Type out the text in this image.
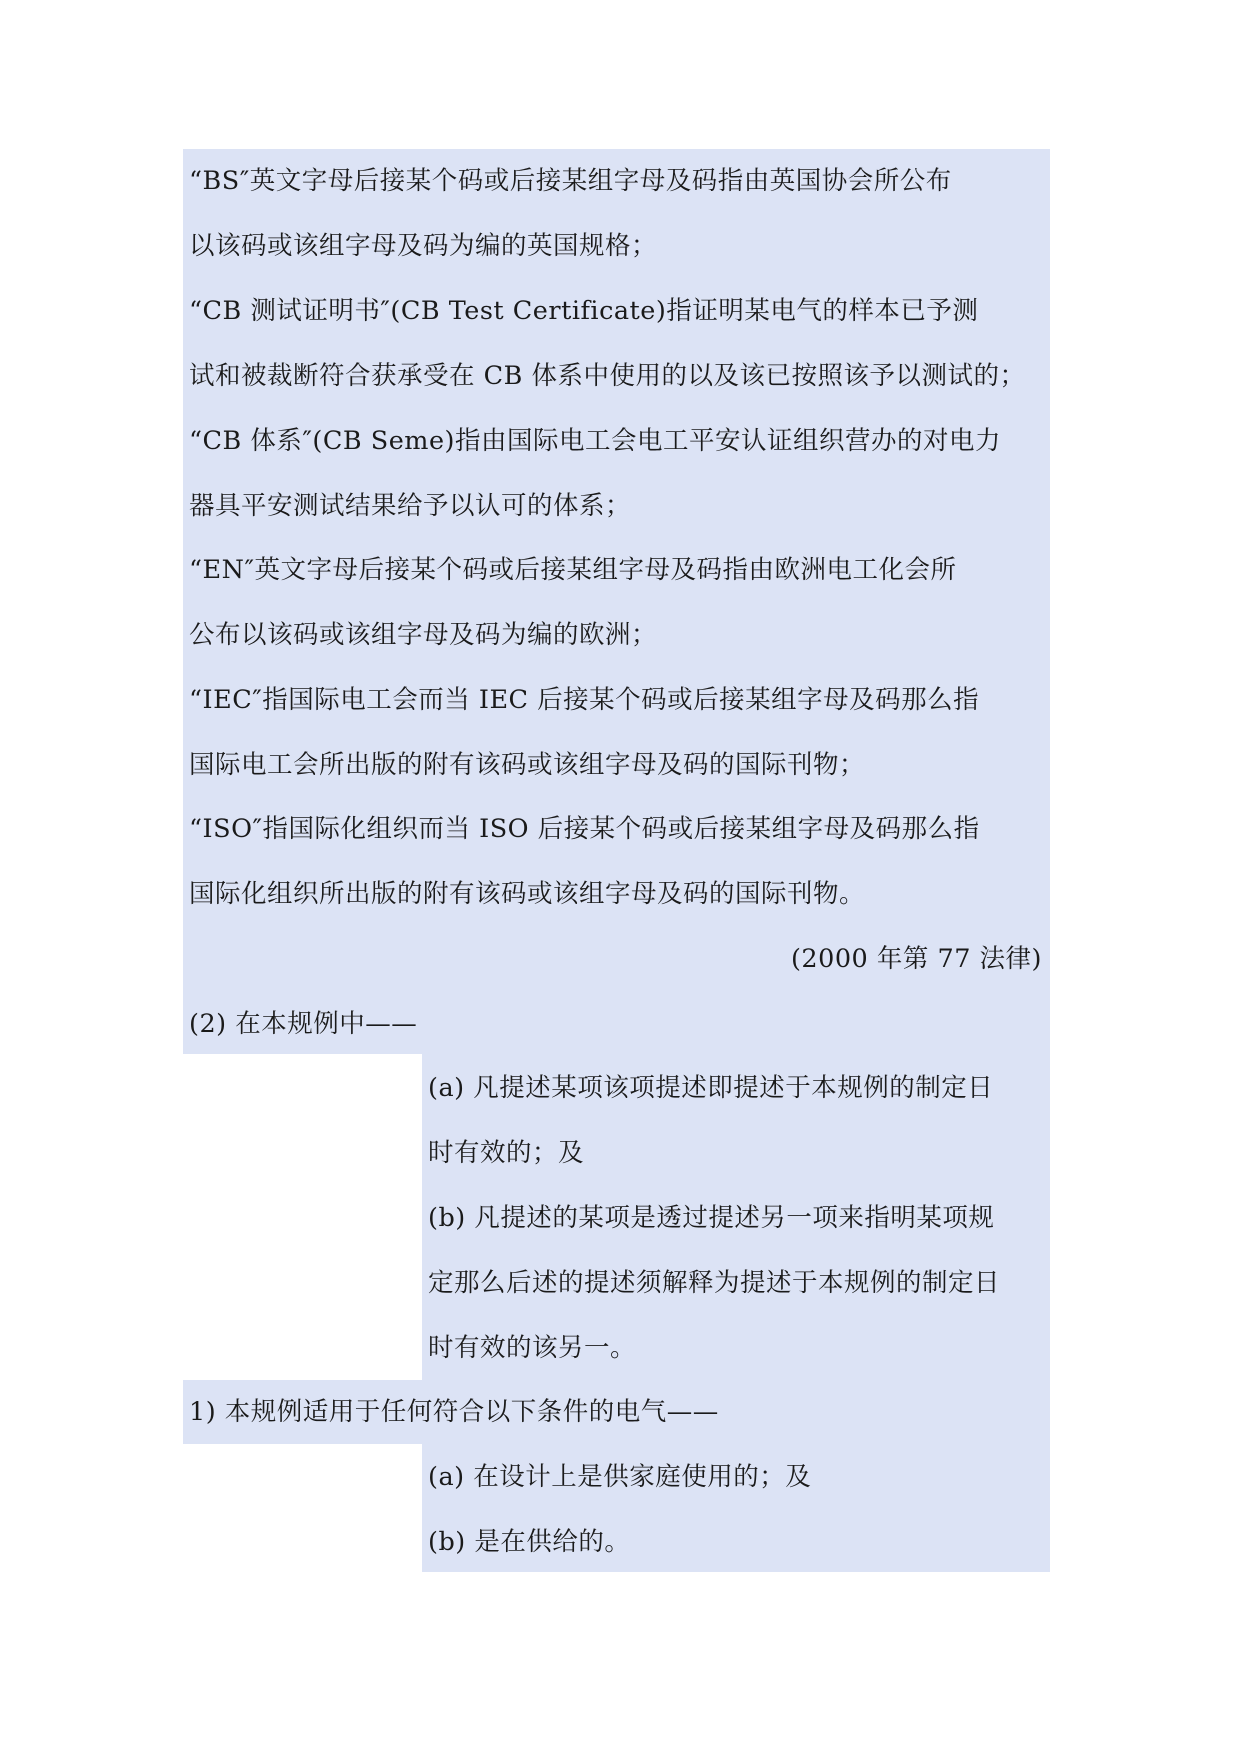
“BS″英文字母后接某个码或后接某组字母及码指由英国协会所公布
以该码或该组字母及码为编的英国规格；
“CB 测试证明书″(CB Test Certificate)指证明某电气的样本已予测
试和被裁断符合获承受在 CB 体系中使用的以及该已按照该予以测试的；
“CB 体系″(CB Seme)指由国际电工会电工平安认证组织营办的对电力
器具平安测试结果给予以认可的体系；
“EN″英文字母后接某个码或后接某组字母及码指由欧洲电工化会所
公布以该码或该组字母及码为编的欧洲；
“IEC″指国际电工会而当 IEC 后接某个码或后接某组字母及码那么指
国际电工会所出版的附有该码或该组字母及码的国际刊物；
“ISO″指国际化组织而当 ISO 后接某个码或后接某组字母及码那么指
国际化组织所出版的附有该码或该组字母及码的国际刊物。
(2000 年第 77 法律)
(2) 在本规例中——
(a) 凡提述某项该项提述即提述于本规例的制定日
时有效的；及
(b) 凡提述的某项是透过提述另一项来指明某项规
定那么后述的提述须解释为提述于本规例的制定日
时有效的该另一。
1) 本规例适用于任何符合以下条件的电气——
(a) 在设计上是供家庭使用的；及
(b) 是在供给的。
